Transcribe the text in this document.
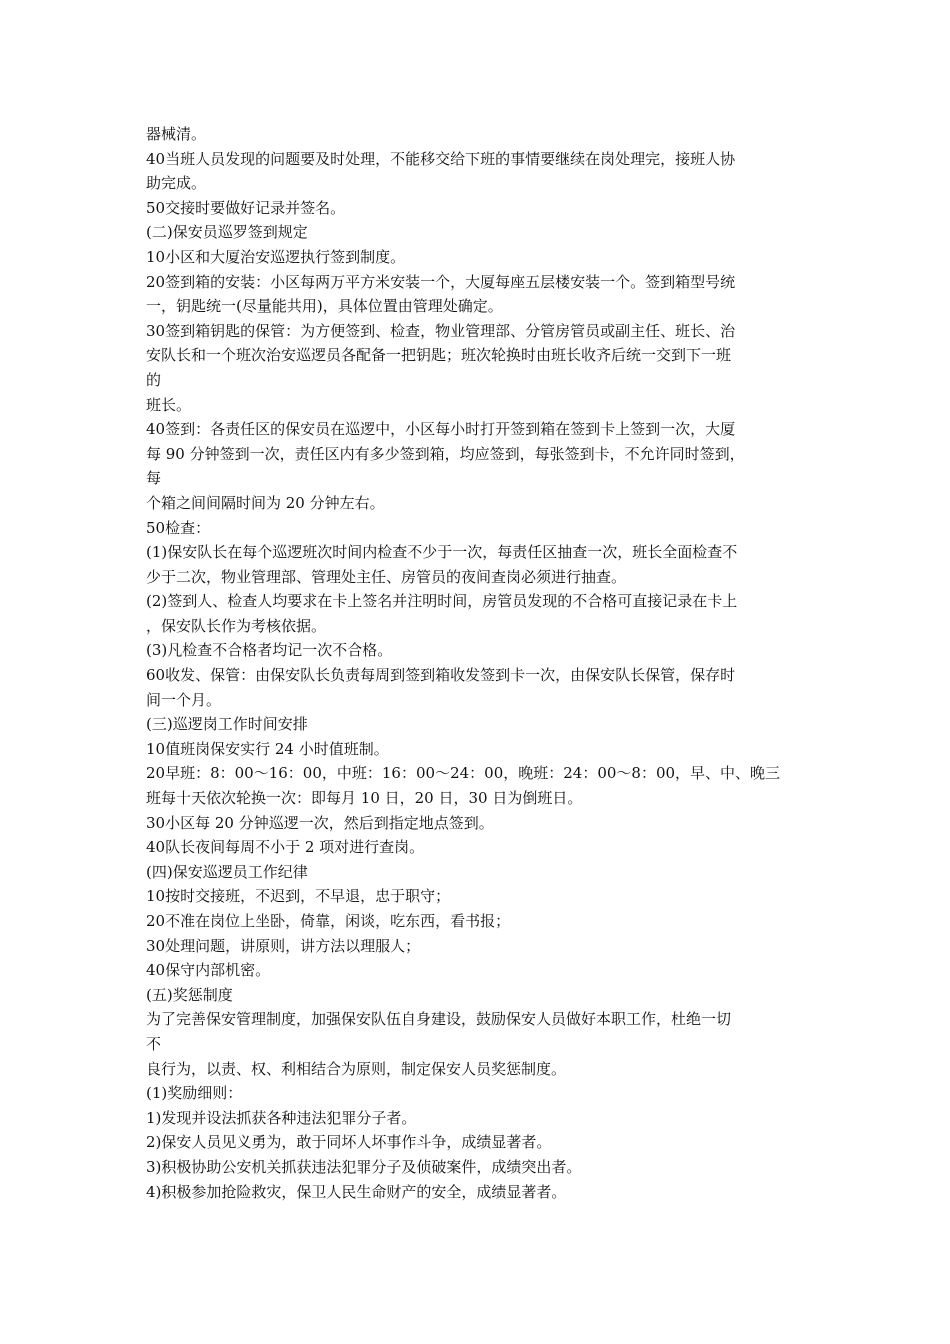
器械清。
40当班人员发现的问题要及时处理，不能移交给下班的事情要继续在岗处理完，接班人协
助完成。
50交接时要做好记录并签名。
(二)保安员巡罗签到规定
10小区和大厦治安巡逻执行签到制度。
20签到箱的安装：小区每两万平方米安装一个，大厦每座五层楼安装一个。签到箱型号统
一，钥匙统一(尽量能共用)，具体位置由管理处确定。
30签到箱钥匙的保管：为方便签到、检查，物业管理部、分管房管员或副主任、班长、治
安队长和一个班次治安巡逻员各配备一把钥匙；班次轮换时由班长收齐后统一交到下一班
的
班长。
40签到：各责任区的保安员在巡逻中，小区每小时打开签到箱在签到卡上签到一次，大厦
每 90 分钟签到一次，责任区内有多少签到箱，均应签到，每张签到卡，不允许同时签到，
每
个箱之间间隔时间为 20 分钟左右。
50检查：
(1)保安队长在每个巡逻班次时间内检查不少于一次，每责任区抽查一次，班长全面检查不
少于二次，物业管理部、管理处主任、房管员的夜间查岗必须进行抽查。
(2)签到人、检查人均要求在卡上签名并注明时间，房管员发现的不合格可直接记录在卡上
，保安队长作为考核依据。
(3)凡检查不合格者均记一次不合格。
60收发、保管：由保安队长负责每周到签到箱收发签到卡一次，由保安队长保管，保存时
间一个月。
(三)巡逻岗工作时间安排
10值班岗保安实行 24 小时值班制。
20早班：8：00～16：00，中班：16：00～24：00，晚班：24：00～8：00，早、中、晚三
班每十天依次轮换一次：即每月 10 日，20 日，30 日为倒班日。
30小区每 20 分钟巡逻一次，然后到指定地点签到。
40队长夜间每周不小于 2 项对进行查岗。
(四)保安巡逻员工作纪律
10按时交接班，不迟到，不早退，忠于职守；
20不准在岗位上坐卧，倚靠，闲谈，吃东西，看书报；
30处理问题，讲原则，讲方法以理服人；
40保守内部机密。
(五)奖惩制度
为了完善保安管理制度，加强保安队伍自身建设，鼓励保安人员做好本职工作，杜绝一切
不
良行为，以责、权、利相结合为原则，制定保安人员奖惩制度。
(1)奖励细则：
1)发现并设法抓获各种违法犯罪分子者。
2)保安人员见义勇为，敢于同坏人坏事作斗争，成绩显著者。
3)积极协助公安机关抓获违法犯罪分子及侦破案件，成绩突出者。
4)积极参加抢险救灾，保卫人民生命财产的安全，成绩显著者。
